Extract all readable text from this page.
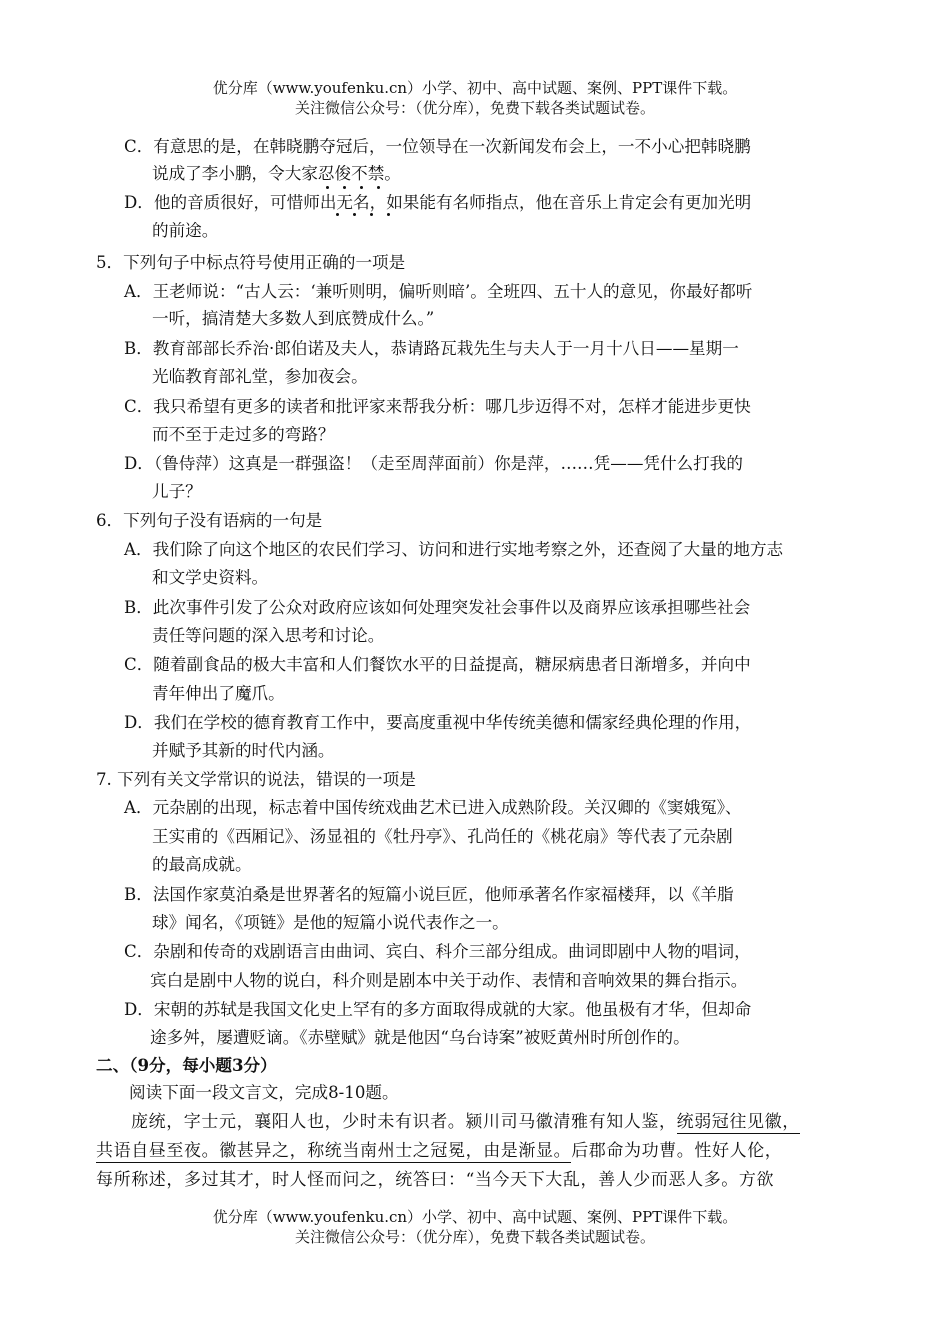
优分库（www.youfenku.cn）小学、初中、高中试题、案例、PPT课件下载。
关注微信公众号：（优分库），免费下载各类试题试卷。
C．有意思的是，在韩晓鹏夺冠后，一位领导在一次新闻发布会上，一不小心把韩晓鹏
说成了李小鹏，令大家忍俊不禁。
D．他的音质很好，可惜师出无名，如果能有名师指点，他在音乐上肯定会有更加光明
的前途。
5．下列句子中标点符号使用正确的一项是
A．王老师说：“古人云：‘兼听则明，偏听则暗’。全班四、五十人的意见，你最好都听
一听，搞清楚大多数人到底赞成什么。”
B．教育部部长乔治·郎伯诺及夫人，恭请路瓦栽先生与夫人于一月十八日——星期一
光临教育部礼堂，参加夜会。
C．我只希望有更多的读者和批评家来帮我分析：哪几步迈得不对，怎样才能进步更快
而不至于走过多的弯路？
D．（鲁侍萍）这真是一群强盗！（走至周萍面前）你是萍，……凭——凭什么打我的
儿子？
6．下列句子没有语病的一句是
A．我们除了向这个地区的农民们学习、访问和进行实地考察之外，还查阅了大量的地方志
和文学史资料。
B．此次事件引发了公众对政府应该如何处理突发社会事件以及商界应该承担哪些社会
责任等问题的深入思考和讨论。
C．随着副食品的极大丰富和人们餐饮水平的日益提高，糖尿病患者日渐增多，并向中
青年伸出了魔爪。
D．我们在学校的德育教育工作中，要高度重视中华传统美德和儒家经典伦理的作用，
并赋予其新的时代内涵。
7. 下列有关文学常识的说法，错误的一项是
A．元杂剧的出现，标志着中国传统戏曲艺术已进入成熟阶段。关汉卿的《窦娥冤》、
王实甫的《西厢记》、汤显祖的《牡丹亭》、孔尚任的《桃花扇》等代表了元杂剧
的最高成就。
B．法国作家莫泊桑是世界著名的短篇小说巨匠，他师承著名作家福楼拜，以《羊脂
球》闻名，《项链》是他的短篇小说代表作之一。
C．杂剧和传奇的戏剧语言由曲词、宾白、科介三部分组成。曲词即剧中人物的唱词，
宾白是剧中人物的说白，科介则是剧本中关于动作、表情和音响效果的舞台指示。
D．宋朝的苏轼是我国文化史上罕有的多方面取得成就的大家。他虽极有才华，但却命
途多舛，屡遭贬谪。《赤壁赋》就是他因“乌台诗案”被贬黄州时所创作的。
二、（9分，每小题3分）
阅读下面一段文言文，完成8-10题。
庞统，字士元，襄阳人也，少时未有识者。颍川司马徽清雅有知人鉴，统弱冠往见徽，
共语自昼至夜。徽甚异之，称统当南州士之冠冕，由是渐显。后郡命为功曹。性好人伦，
每所称述，多过其才，时人怪而问之，统答曰：“当今天下大乱，善人少而恶人多。方欲
优分库（www.youfenku.cn）小学、初中、高中试题、案例、PPT课件下载。
关注微信公众号：（优分库），免费下载各类试题试卷。
